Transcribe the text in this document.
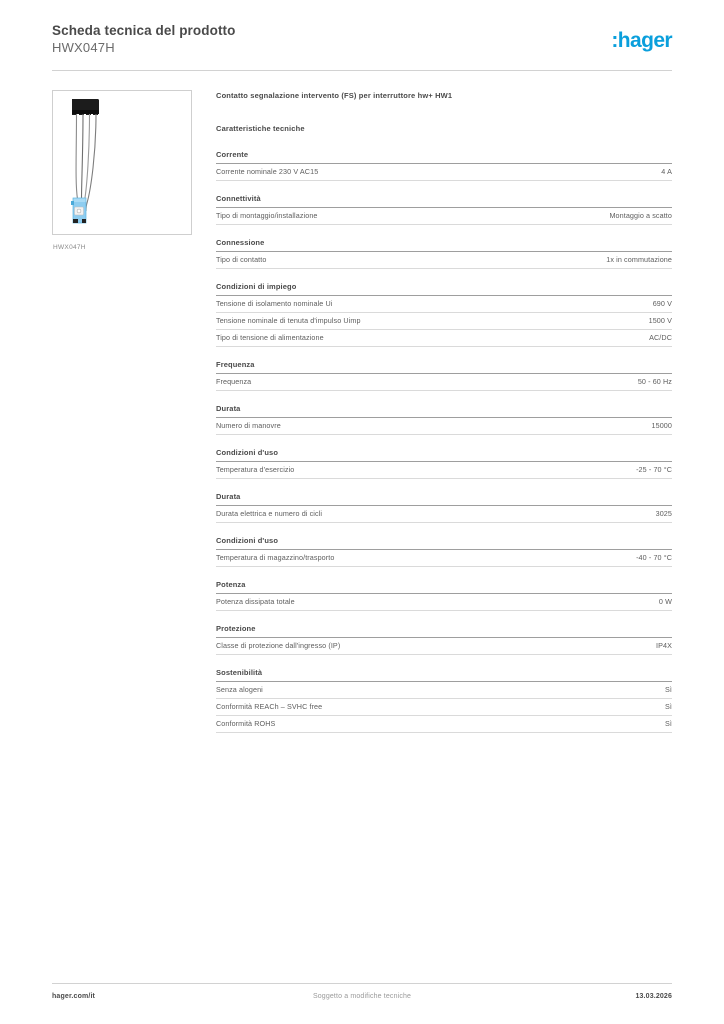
Scheda tecnica del prodotto
HWX047H	:hager
HWX047H
Contatto segnalazione intervento (FS) per interruttore hw+ HW1
Caratteristiche tecniche
Corrente
Corrente nominale 230 V AC15	4 A
Connettività
Tipo di montaggio/installazione	Montaggio a scatto
Connessione
Tipo di contatto	1x in commutazione
Condizioni di impiego
Tensione di isolamento nominale Ui	690 V
Tensione nominale di tenuta d'impulso Uimp	1500 V
Tipo di tensione di alimentazione	AC/DC
Frequenza
Frequenza	50 - 60 Hz
Durata
Numero di manovre	15000
Condizioni d'uso
Temperatura d'esercizio	-25 - 70 °C
Durata
Durata elettrica e numero di cicli	3025
Condizioni d'uso
Temperatura di magazzino/trasporto	-40 - 70 °C
Potenza
Potenza dissipata totale	0 W
Protezione
Classe di protezione dall'ingresso (IP)	IP4X
Sostenibilità
Senza alogeni	Sì
Conformità REACh – SVHC free	Sì
Conformità ROHS	Sì
hager.com/it	Soggetto a modifiche tecniche	13.03.2026
